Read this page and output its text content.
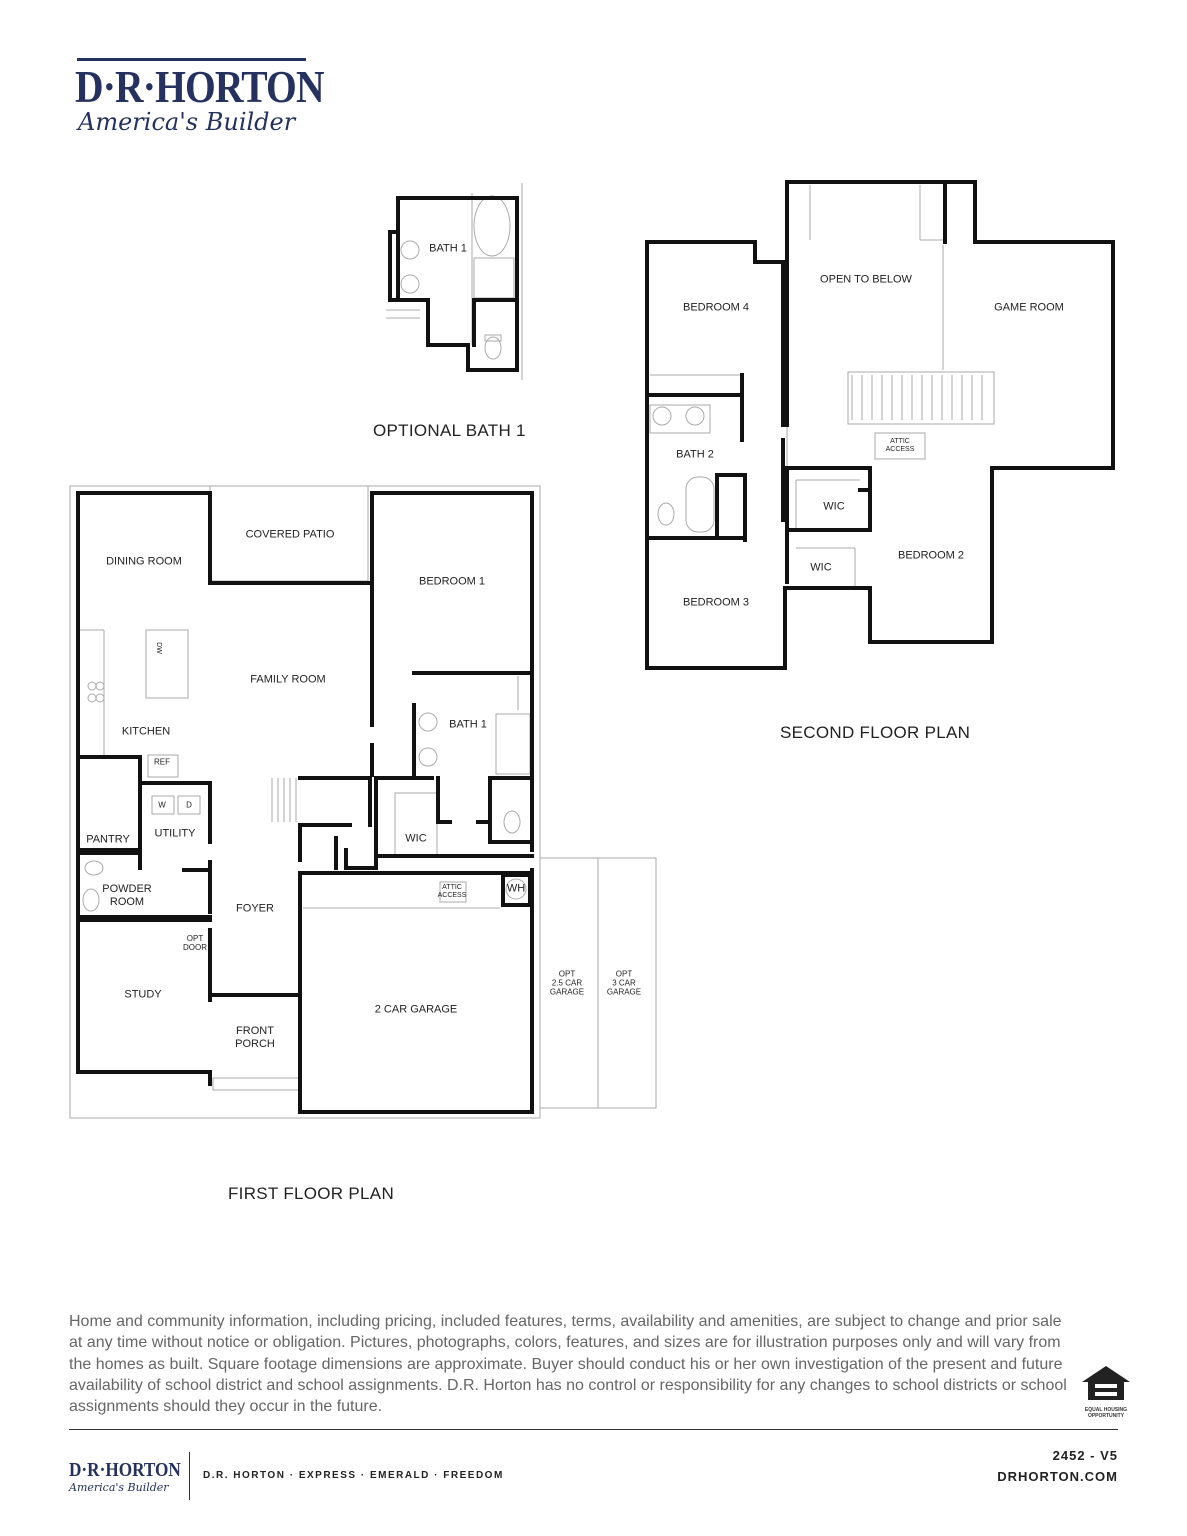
D·R·HORTON
America's Builder
BATH 1
OPTIONAL BATH 1
DINING ROOM
COVERED PATIO
BEDROOM 1
FAMILY ROOM
KITCHEN
REF
DW
BATH 1
PANTRY UTILITY
W	D
WIC
POWDER
ROOM
FOYER
ATTIC
ACCESS
WH
OPT
DOOR
STUDY
2 CAR GARAGE
FRONT
PORCH
OPT
2.5 CAR
GARAGE
OPT
3 CAR
GARAGE
FIRST FLOOR PLAN
BEDROOM 4
OPEN TO BELOW
GAME ROOM
BATH 2
ATTIC
ACCESS
WIC
WIC
BEDROOM 2
BEDROOM 3
SECOND FLOOR PLAN
Home and community information, including pricing, included features, terms, availability and amenities, are subject to change and prior sale at any time without notice or obligation. Pictures, photographs, colors, features, and sizes are for illustration purposes only and will vary from the homes as built. Square footage dimensions are approximate. Buyer should conduct his or her own investigation of the present and future availability of school district and school assignments. D.R. Horton has no control or responsibility for any changes to school districts or school assignments should they occur in the future.	EQUAL HOUSING
OPPORTUNITY
D·R·HORTON
America's Builder
D.R. HORTON · EXPRESS · EMERALD · FREEDOM
2452 - V5
DRHORTON.COM
